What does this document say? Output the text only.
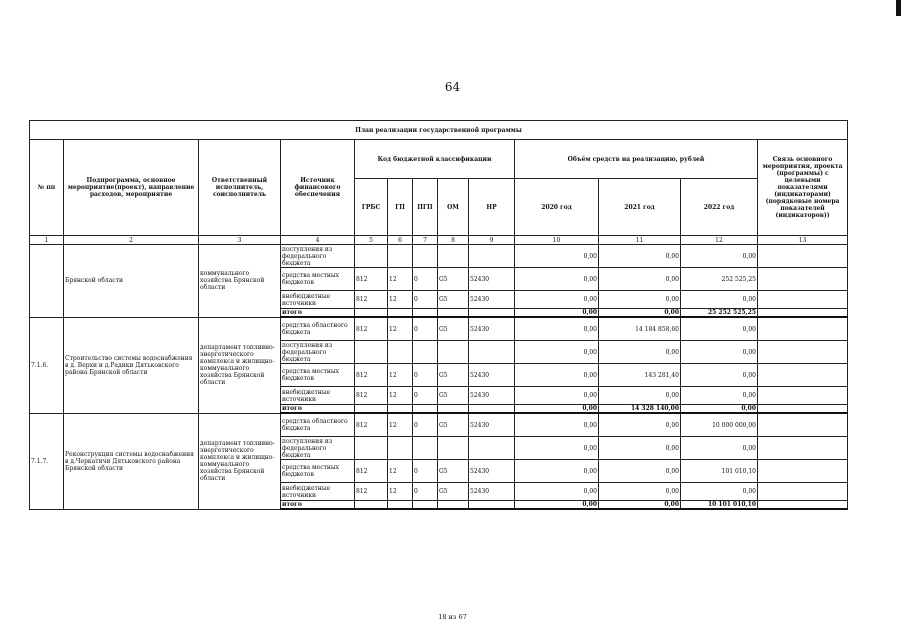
64
План реализации государственной программы												
№ пп	Подпрограмма, основное мероприятие(проект), направление расходов, мероприятие	Ответственный исполнитель, соисполнитель	Источник финансового обеспечения	Код бюджетной классификации					Объём средств на реализацию, рублей			Связь основного мероприятия, проекта (программы) с целевыми показателями (индикаторами) (порядковые номера показателей (индикаторов))
				ГРБС	ГП	ПГП	ОМ	НР	2020 год	2021 год	2022 год	
1	2	3	4	5	6	7	8	9	10	11	12	13
	Брянской области	коммунального хозяйства Брянской области	поступления из федерального бюджета						0,00	0,00	0,00	
			средства местных бюджетов	812	12	0	G5	52430	0,00	0,00	252 525,25	
			внебюджетные источники	812	12	0	G5	52430	0,00	0,00	0,00	
			итого						0,00	0,00	25 252 525,25	
7.1.6.	Строительство системы водоснабжения в д. Верхи и д.Радики Дятьковского района Брянской области	департамент топливно-энергетического комплекса и жилищно-коммунального хозяйства Брянской области	средства областного бюджета	812	12	0	G5	52430	0,00	14 184 858,60	0,00	
			поступления из федерального бюджета						0,00	0,00	0,00	
			средства местных бюджетов	812	12	0	G5	52430	0,00	143 281,40	0,00	
			внебюджетные источники	812	12	0	G5	52430	0,00	0,00	0,00	
			итого						0,00	14 328 140,00	0,00	
7.1.7.	Реконструкция системы водоснабжения в д.Черкатичи Дятьковского района Брянской области	департамент топливно-энергетического комплекса и жилищно-коммунального хозяйства Брянской области	средства областного бюджета	812	12	0	G5	52430	0,00	0,00	10 000 000,00	
			поступления из федерального бюджета						0,00	0,00	0,00	
			средства местных бюджетов	812	12	0	G5	52430	0,00	0,00	101 010,10	
			внебюджетные источники	812	12	0	G5	52430	0,00	0,00	0,00	
			итого						0,00	0,00	10 101 010,10	
18 из 67
